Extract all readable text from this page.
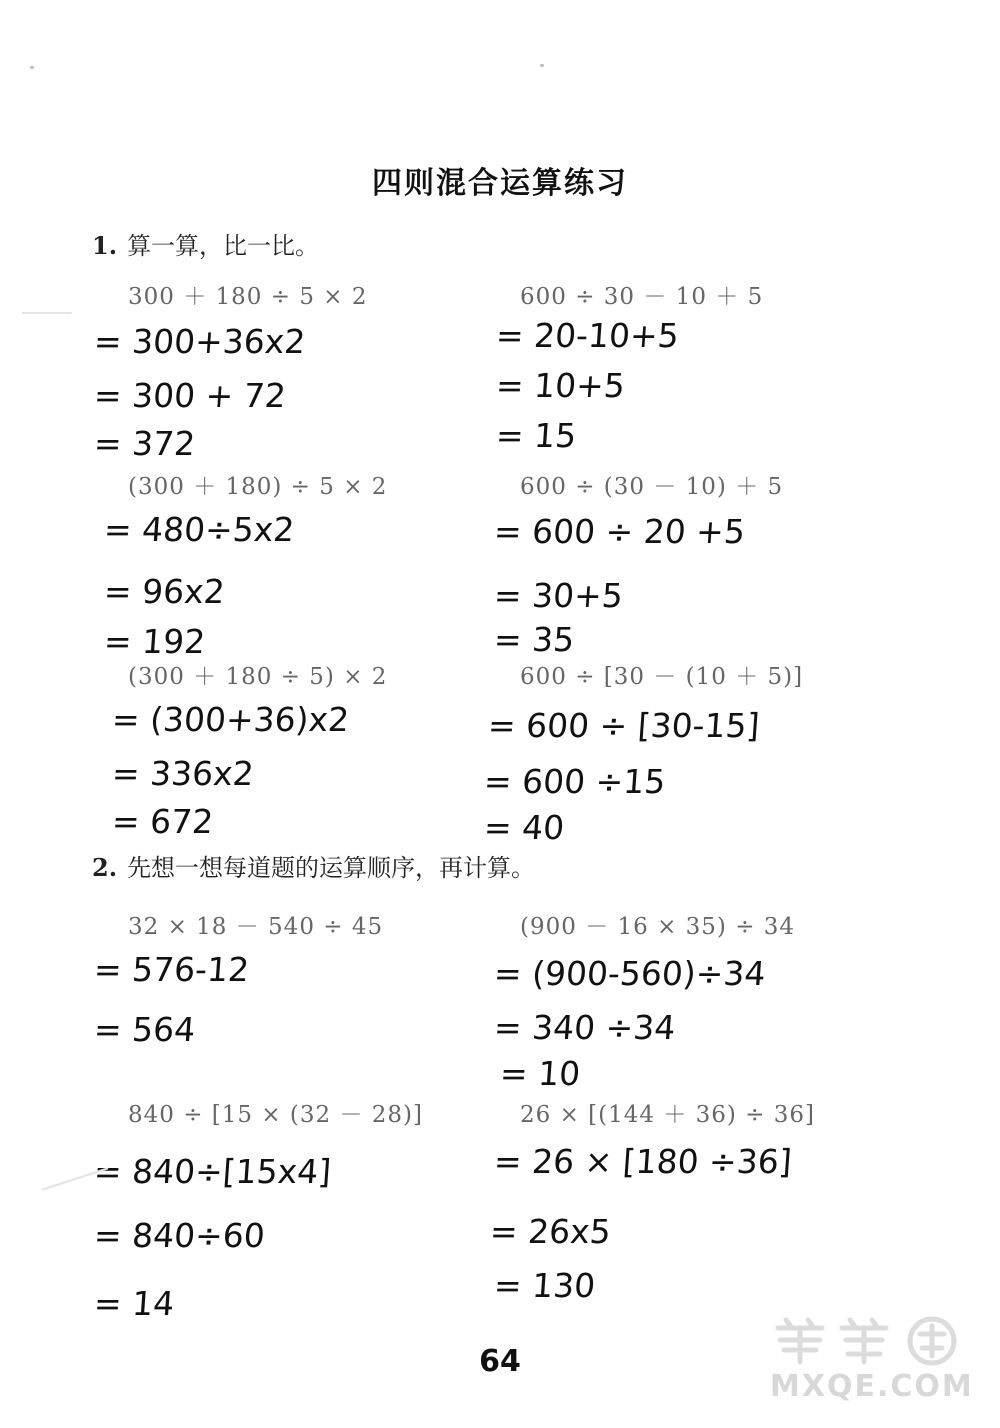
四则混合运算练习
1. 算一算，比一比。
300 ＋ 180 ÷ 5 × 2
= 300+36x2
= 300 + 72
= 372
600 ÷ 30 － 10 ＋ 5
= 20-10+5
= 10+5
= 15
(300 ＋ 180) ÷ 5 × 2
= 480÷5x2
= 96x2
= 192
600 ÷ (30 － 10) ＋ 5
= 600 ÷ 20 +5
= 30+5
= 35
(300 ＋ 180 ÷ 5) × 2
= (300+36)x2
= 336x2
= 672
600 ÷ [30 － (10 ＋ 5)]
= 600 ÷ [30-15]
= 600 ÷15
= 40
2. 先想一想每道题的运算顺序，再计算。
32 × 18 － 540 ÷ 45
= 576-12
= 564
(900 － 16 × 35) ÷ 34
= (900-560)÷34
= 340 ÷34
= 10
840 ÷ [15 × (32 － 28)]
= 840÷[15x4]
= 840÷60
= 14
26 × [(144 ＋ 36) ÷ 36]
= 26 × [180 ÷36]
= 26x5
= 130
64
MXQE.COM
